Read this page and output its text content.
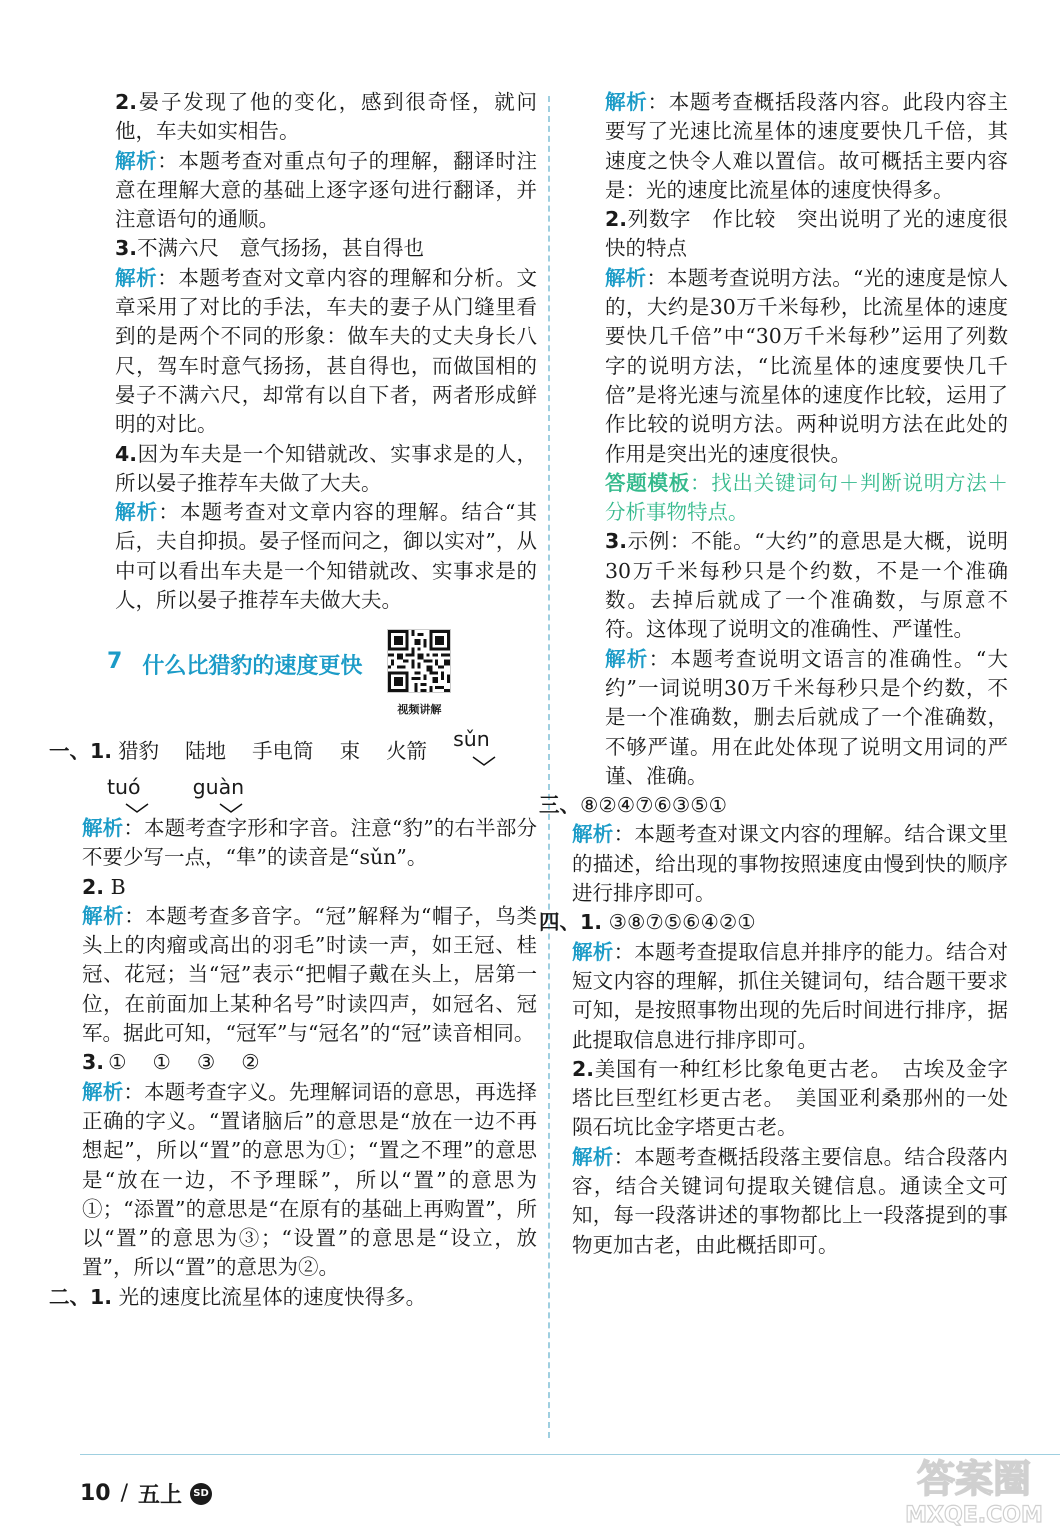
2.晏子发现了他的变化，感到很奇怪，就问他，车夫如实相告。
解析：本题考查对重点句子的理解，翻译时注意在理解大意的基础上逐字逐句进行翻译，并注意语句的通顺。
3.不满六尺　 意气扬扬，甚自得也
解析：本题考查对文章内容的理解和分析。文章采用了对比的手法，车夫的妻子从门缝里看到的是两个不同的形象：做车夫的丈夫身长八尺，驾车时意气扬扬，甚自得也，而做国相的晏子不满六尺，却常有以自下者，两者形成鲜明的对比。
4.因为车夫是一个知错就改、实事求是的人，所以晏子推荐车夫做了大夫。
解析：本题考查对文章内容的理解。结合“其后，夫自抑损。晏子怪而问之，御以实对”，从中可以看出车夫是一个知错就改、实事求是的人，所以晏子推荐车夫做大夫。
7 什么比猎豹的速度更快
视频讲解
一、 1. 猎豹 陆地 手电筒 束 火箭 sǔn
tuó	guàn
解析：本题考查字形和字音。注意“豹”的右半部分不要少写一点，“隼”的读音是“sǔn”。
2. B
解析：本题考查多音字。“冠”解释为“帽子，鸟类头上的肉瘤或高出的羽毛”时读一声，如王冠、桂冠、花冠；当“冠”表示“把帽子戴在头上，居第一位，在前面加上某种名号”时读四声，如冠名、冠军。据此可知，“冠军”与“冠名”的“冠”读音相同。
3. ① ① ③ ②
解析：本题考查字义。先理解词语的意思，再选择正确的字义。“置诸脑后”的意思是“放在一边不再想起”，所以“置”的意思为①；“置之不理”的意思是“放在一边，不予理睬”，所以“置”的意思为①；“添置”的意思是“在原有的基础上再购置”，所以“置”的意思为③；“设置”的意思是“设立，放置”，所以“置”的意思为②。
二、1. 光的速度比流星体的速度快得多。
解析：本题考查概括段落内容。此段内容主要写了光速比流星体的速度要快几千倍，其速度之快令人难以置信。故可概括主要内容是：光的速度比流星体的速度快得多。
2.列数字　作比较　突出说明了光的速度很快的特点
解析：本题考查说明方法。“光的速度是惊人的，大约是30万千米每秒，比流星体的速度要快几千倍”中“30万千米每秒”运用了列数字的说明方法，“比流星体的速度要快几千倍”是将光速与流星体的速度作比较，运用了作比较的说明方法。两种说明方法在此处的作用是突出光的速度很快。
答题模板：找出关键词句＋判断说明方法＋分析事物特点。
3.示例：不能。“大约”的意思是大概，说明30万千米每秒只是个约数，不是一个准确数。去掉后就成了一个准确数，与原意不符。这体现了说明文的准确性、严谨性。
解析：本题考查说明文语言的准确性。“大约”一词说明30万千米每秒只是个约数，不是一个准确数，删去后就成了一个准确数，不够严谨。用在此处体现了说明文用词的严谨、准确。
三、⑧②④⑦⑥③⑤①
解析：本题考查对课文内容的理解。结合课文里的描述，给出现的事物按照速度由慢到快的顺序进行排序即可。
四、1. ③⑧⑦⑤⑥④②①
解析：本题考查提取信息并排序的能力。结合对短文内容的理解，抓住关键词句，结合题干要求可知，是按照事物出现的先后时间进行排序，据此提取信息进行排序即可。
2.美国有一种红杉比象龟更古老。　古埃及金字塔比巨型红杉更古老。　美国亚利桑那州的一处陨石坑比金字塔更古老。
解析：本题考查概括段落主要信息。结合段落内容，结合关键词句提取关键信息。通读全文可知，每一段落讲述的事物都比上一段落提到的事物更加古老，由此概括即可。
10 / 五上	SD	答案圈
MXQE.COM
